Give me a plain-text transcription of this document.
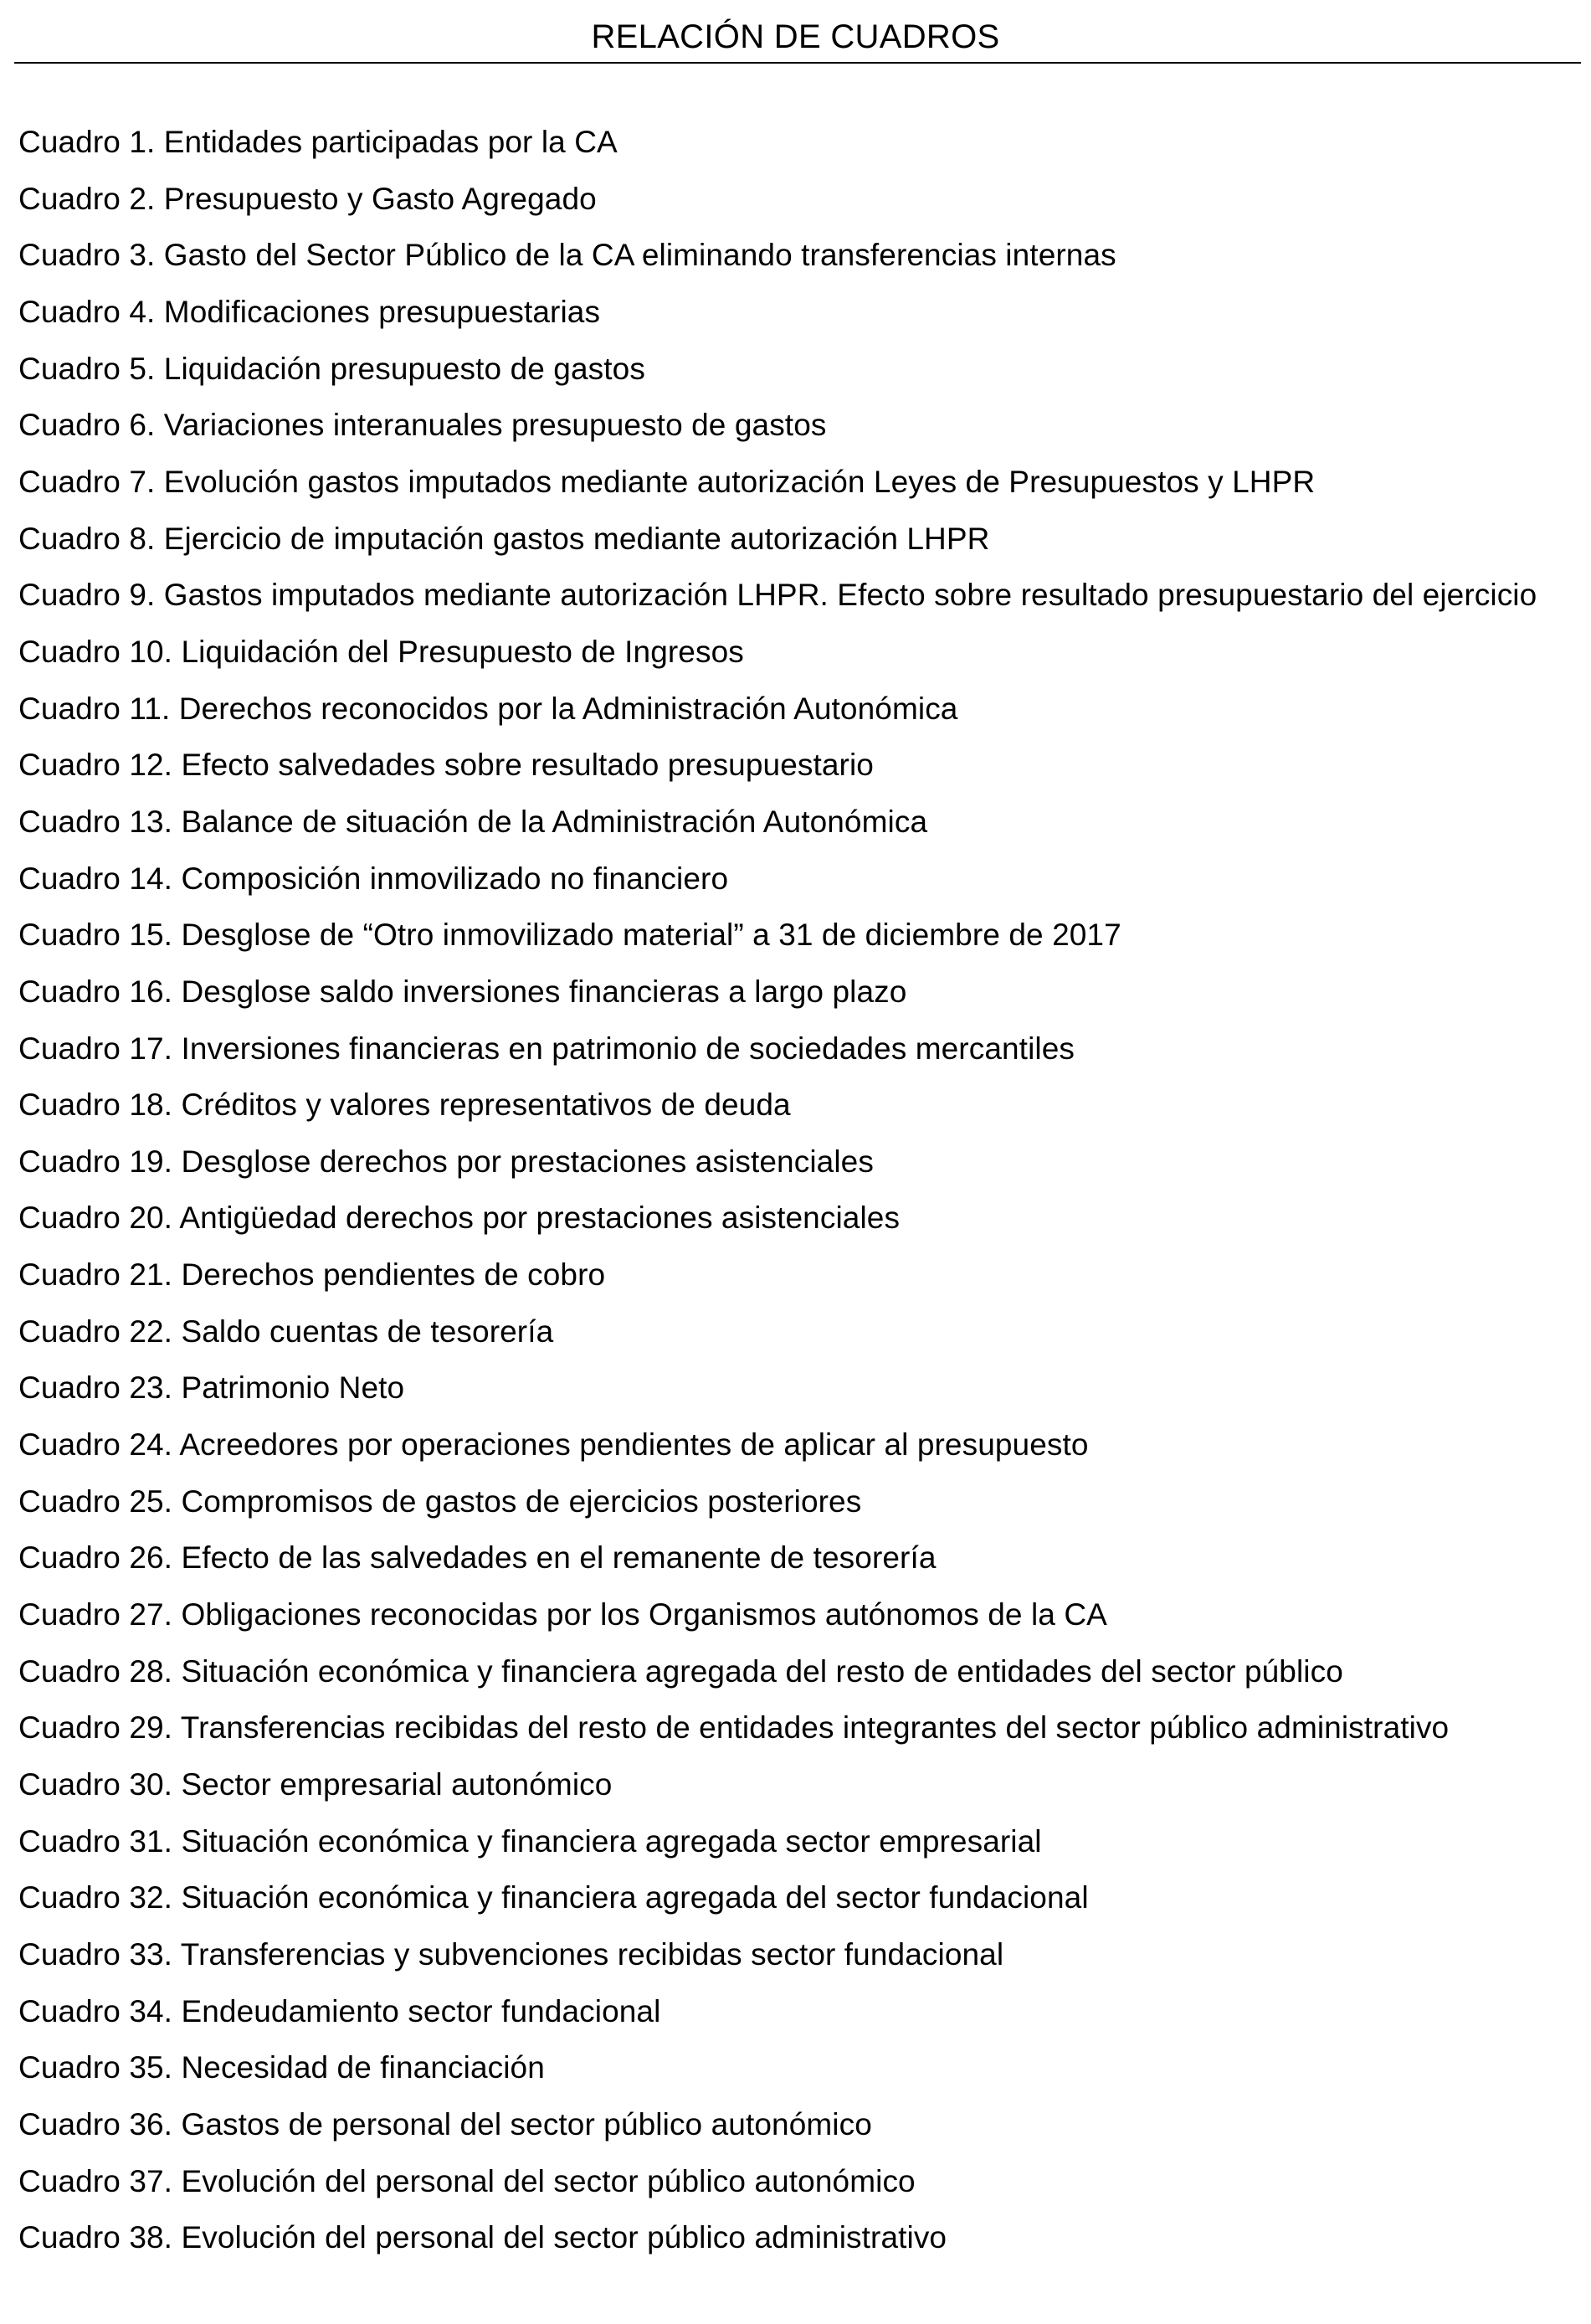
RELACIÓN DE CUADROS
Cuadro 1. Entidades participadas por la CA
Cuadro 2. Presupuesto y Gasto Agregado
Cuadro 3. Gasto del Sector Público de la CA eliminando transferencias internas
Cuadro 4. Modificaciones presupuestarias
Cuadro 5. Liquidación presupuesto de gastos
Cuadro 6. Variaciones interanuales presupuesto de gastos
Cuadro 7. Evolución gastos imputados mediante autorización Leyes de Presupuestos y LHPR
Cuadro 8. Ejercicio de imputación gastos mediante autorización LHPR
Cuadro 9. Gastos imputados mediante autorización LHPR. Efecto sobre resultado presupuestario del ejercicio
Cuadro 10. Liquidación del Presupuesto de Ingresos
Cuadro 11. Derechos reconocidos por la Administración Autonómica
Cuadro 12. Efecto salvedades sobre resultado presupuestario
Cuadro 13. Balance de situación de la Administración Autonómica
Cuadro 14. Composición inmovilizado no financiero
Cuadro 15. Desglose de “Otro inmovilizado material” a 31 de diciembre de 2017
Cuadro 16. Desglose saldo inversiones financieras a largo plazo
Cuadro 17. Inversiones financieras en patrimonio de sociedades mercantiles
Cuadro 18. Créditos y valores representativos de deuda
Cuadro 19. Desglose derechos por prestaciones asistenciales
Cuadro 20. Antigüedad derechos por prestaciones asistenciales
Cuadro 21. Derechos pendientes de cobro
Cuadro 22. Saldo cuentas de tesorería
Cuadro 23. Patrimonio Neto
Cuadro 24. Acreedores por operaciones pendientes de aplicar al presupuesto
Cuadro 25. Compromisos de gastos de ejercicios posteriores
Cuadro 26. Efecto de las salvedades en el remanente de tesorería
Cuadro 27. Obligaciones reconocidas por los Organismos autónomos de la CA
Cuadro 28. Situación económica y financiera agregada del resto de entidades del sector público
Cuadro 29. Transferencias recibidas del resto de entidades integrantes del sector público administrativo
Cuadro 30. Sector empresarial autonómico
Cuadro 31. Situación económica y financiera agregada sector empresarial
Cuadro 32. Situación económica y financiera agregada del sector fundacional
Cuadro 33. Transferencias y subvenciones recibidas sector fundacional
Cuadro 34. Endeudamiento sector fundacional
Cuadro 35. Necesidad de financiación
Cuadro 36. Gastos de personal del sector público autonómico
Cuadro 37. Evolución del personal del sector público autonómico
Cuadro 38. Evolución del personal del sector público administrativo
